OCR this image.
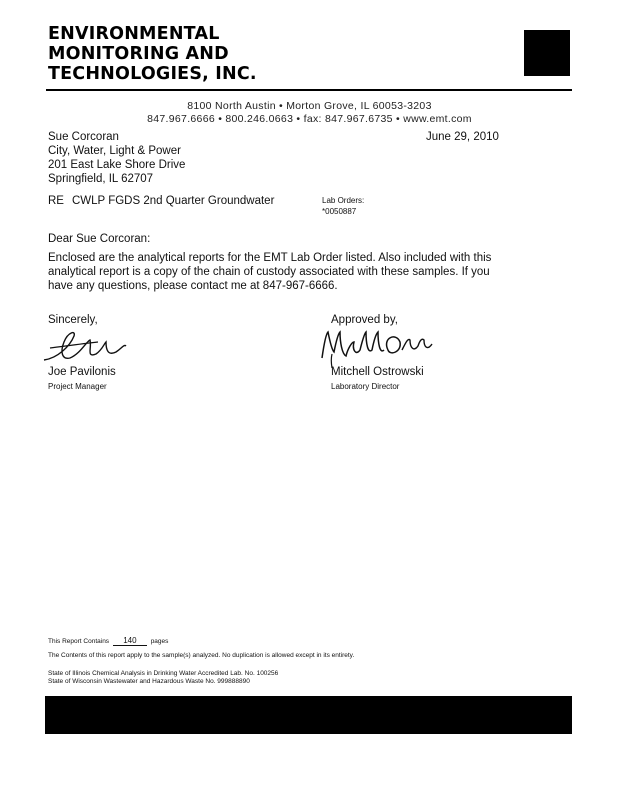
ENVIRONMENTAL
MONITORING AND
TECHNOLOGIES, INC.
8100 North Austin • Morton Grove, IL 60053-3203
847.967.6666 • 800.246.0663 • fax: 847.967.6735 • www.emt.com
Sue Corcoran
City, Water, Light & Power
201 East Lake Shore Drive
Springfield, IL 62707
June 29, 2010
RE CWLP FGDS 2nd Quarter Groundwater	Lab Orders:
*0050887
Dear Sue Corcoran:
Enclosed are the analytical reports for the EMT Lab Order listed. Also included with this analytical report is a copy of the chain of custody associated with these samples. If you have any questions, please contact me at 847-967-6666.
Sincerely,
Joe Pavilonis
Project Manager
Approved by,
Mitchell Ostrowski
Laboratory Director
This Report Contains 140 pages
The Contents of this report apply to the sample(s) analyzed. No duplication is allowed except in its entirety.
State of Illinois Chemical Analysis in Drinking Water Accredited Lab. No. 100256
State of Wisconsin Wastewater and Hazardous Waste No. 999888890
